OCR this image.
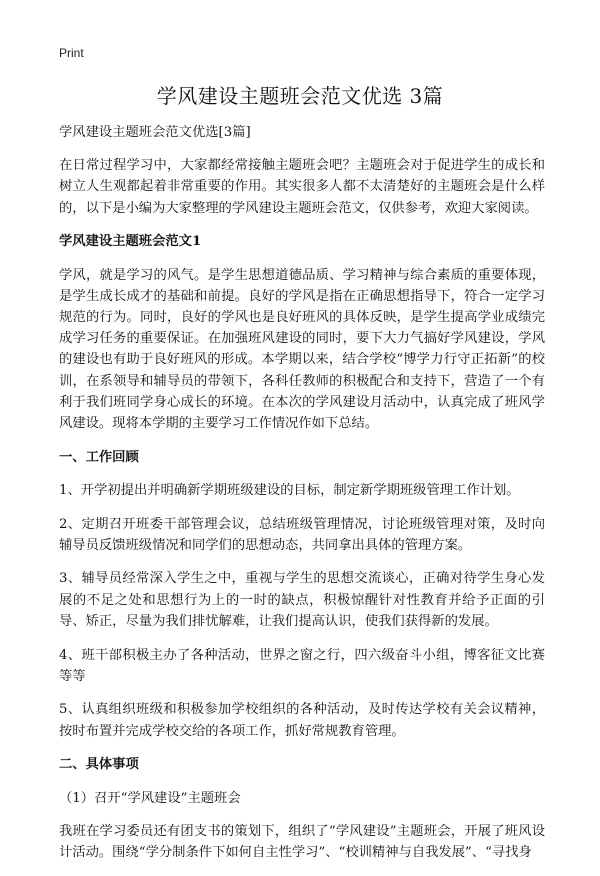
Print
学风建设主题班会范文优选 3篇

学风建设主题班会范文优选[3篇]

在日常过程学习中，大家都经常接触主题班会吧？主题班会对于促进学生的成长和树立人生观都起着非常重要的作用。其实很多人都不太清楚好的主题班会是什么样的，以下是小编为大家整理的学风建设主题班会范文，仅供参考，欢迎大家阅读。

学风建设主题班会范文1

学风，就是学习的风气。是学生思想道德品质、学习精神与综合素质的重要体现，是学生成长成才的基础和前提。良好的学风是指在正确思想指导下，符合一定学习规范的行为。同时，良好的学风也是良好班风的具体反映，是学生提高学业成绩完成学习任务的重要保证。在加强班风建设的同时，要下大力气搞好学风建设，学风的建设也有助于良好班风的形成。本学期以来，结合学校“博学力行守正拓新”的校训，在系领导和辅导员的带领下，各科任教师的积极配合和支持下，营造了一个有利于我们班同学身心成长的环境。在本次的学风建设月活动中，认真完成了班风学风建设。现将本学期的主要学习工作情况作如下总结。

一、工作回顾

1、开学初提出并明确新学期班级建设的目标，制定新学期班级管理工作计划。

2、定期召开班委干部管理会议，总结班级管理情况，讨论班级管理对策，及时向辅导员反馈班级情况和同学们的思想动态，共同拿出具体的管理方案。

3、辅导员经常深入学生之中，重视与学生的思想交流谈心，正确对待学生身心发展的不足之处和思想行为上的一时的缺点，积极惊醒针对性教育并给予正面的引导、矫正，尽量为我们排忧解难，让我们提高认识，使我们获得新的发展。

4、班干部积极主办了各种活动，世界之窗之行，四六级奋斗小组，博客征文比赛等等

5、认真组织班级和积极参加学校组织的各种活动，及时传达学校有关会议精神，按时布置并完成学校交给的各项工作，抓好常规教育管理。

二、具体事项

（1）召开“学风建设”主题班会

我班在学习委员还有团支书的策划下，组织了“学风建设”主题班会，开展了班风设计活动。围绕“学分制条件下如何自主性学习”、“校训精神与自我发展”、“寻找身
